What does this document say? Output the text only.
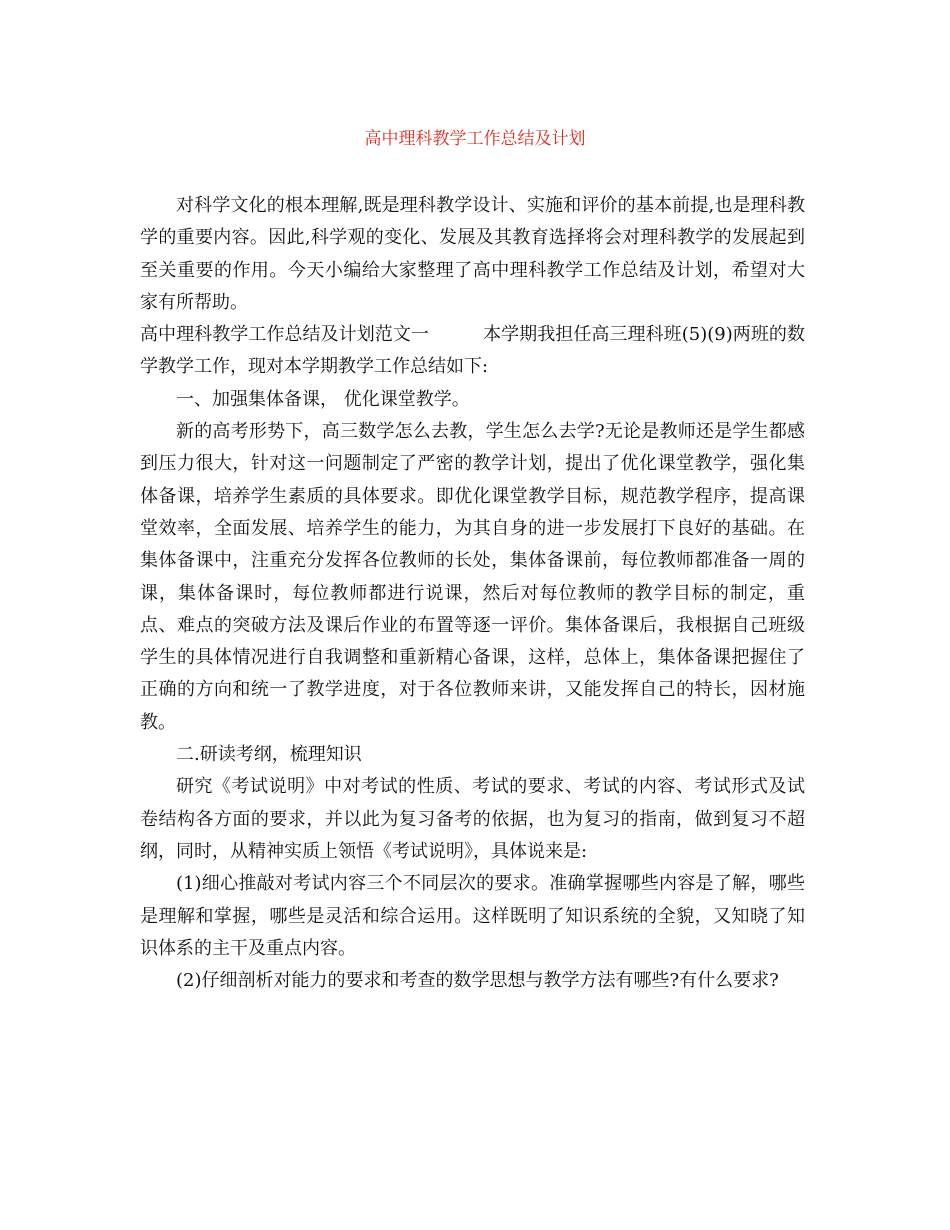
高中理科教学工作总结及计划

对科学文化的根本理解,既是理科教学设计、实施和评价的基本前提,也是理科教学的重要内容。因此,科学观的变化、发展及其教育选择将会对理科教学的发展起到至关重要的作用。今天小编给大家整理了高中理科教学工作总结及计划，希望对大家有所帮助。

高中理科教学工作总结及计划范文一	本学期我担任高三理科班(5)(9)两班的数学教学工作，现对本学期教学工作总结如下:

一、加强集体备课， 优化课堂教学。

新的高考形势下，高三数学怎么去教，学生怎么去学?无论是教师还是学生都感到压力很大，针对这一问题制定了严密的教学计划，提出了优化课堂教学，强化集体备课，培养学生素质的具体要求。即优化课堂教学目标，规范教学程序，提高课堂效率，全面发展、培养学生的能力，为其自身的进一步发展打下良好的基础。在集体备课中，注重充分发挥各位教师的长处，集体备课前，每位教师都准备一周的课，集体备课时，每位教师都进行说课，然后对每位教师的教学目标的制定，重点、难点的突破方法及课后作业的布置等逐一评价。集体备课后，我根据自己班级学生的具体情况进行自我调整和重新精心备课，这样，总体上，集体备课把握住了正确的方向和统一了教学进度，对于各位教师来讲，又能发挥自己的特长，因材施教。

二.研读考纲，梳理知识

研究《考试说明》中对考试的性质、考试的要求、考试的内容、考试形式及试卷结构各方面的要求，并以此为复习备考的依据，也为复习的指南，做到复习不超纲，同时，从精神实质上领悟《考试说明》，具体说来是:

(1)细心推敲对考试内容三个不同层次的要求。准确掌握哪些内容是了解，哪些是理解和掌握，哪些是灵活和综合运用。这样既明了知识系统的全貌，又知晓了知识体系的主干及重点内容。

(2)仔细剖析对能力的要求和考查的数学思想与教学方法有哪些?有什么要求?
